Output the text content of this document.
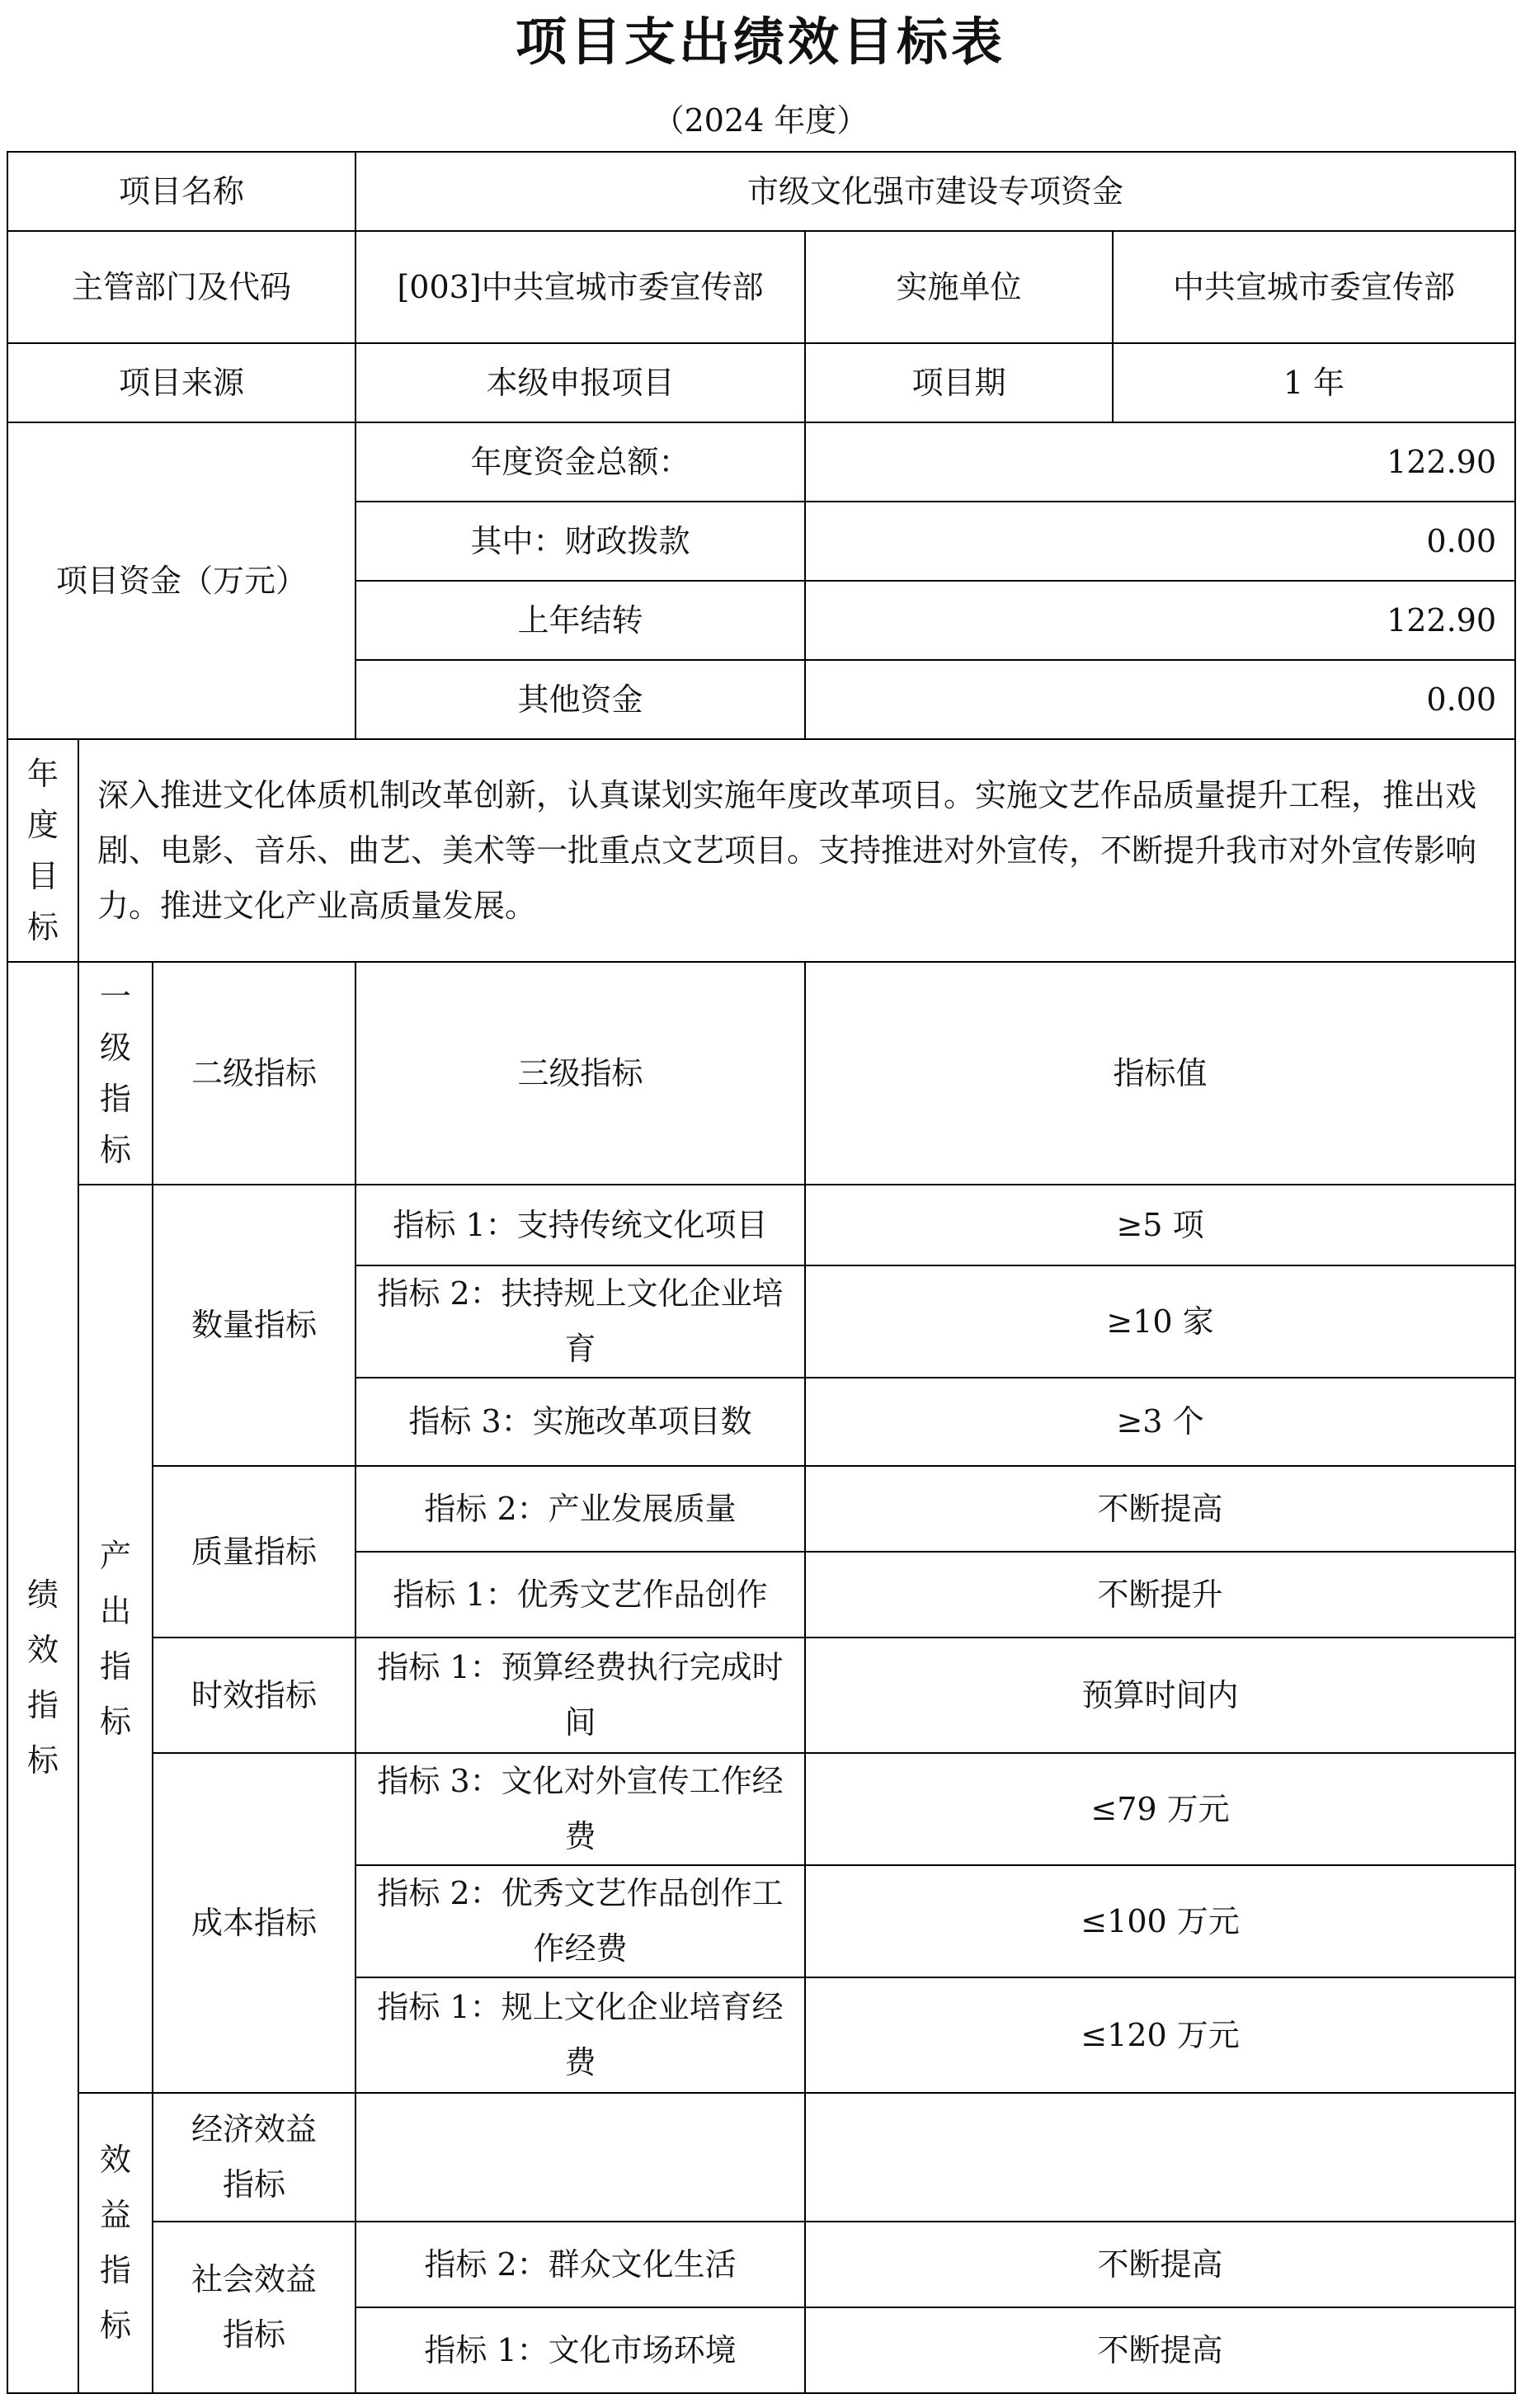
项目支出绩效目标表
（2024 年度）
项目名称			市级文化强市建设专项资金		

主管部门及代码			[003]中共宣城市委宣传部	实施单位	中共宣城市委宣传部
项目来源			本级申报项目	项目期	1 年

项目资金（万元）			年度资金总额：	122.90	
			其中：财政拨款	0.00	
			上年结转	122.90	
			其他资金	0.00	

年度目标	深入推进文化体质机制改革创新，认真谋划实施年度改革项目。实施文艺作品质量提升工程，推出戏剧、电影、音乐、曲艺、美术等一批重点文艺项目。支持推进对外宣传，不断提升我市对外宣传影响力。推进文化产业高质量发展。				

绩效指标	一级指标	二级指标	三级指标	指标值	

	产出指标	数量指标	指标 1：支持传统文化项目	≥5 项	

			指标 2：扶持规上文化企业培育	≥10 家	
			指标 3：实施改革项目数	≥3 个	
		质量指标	指标 2：产业发展质量	不断提高	
			指标 1：优秀文艺作品创作	不断提升	
		时效指标	指标 1：预算经费执行完成时间	预算时间内	
		成本指标	指标 3：文化对外宣传工作经费	≤79 万元	

			指标 2：优秀文艺作品创作工作经费	≤100 万元	

			指标 1：规上文化企业培育经费	≤120 万元	

	效益指标	经济效益指标			

		社会效益指标	指标 2：群众文化生活	不断提高	
			指标 1：文化市场环境	不断提高	
